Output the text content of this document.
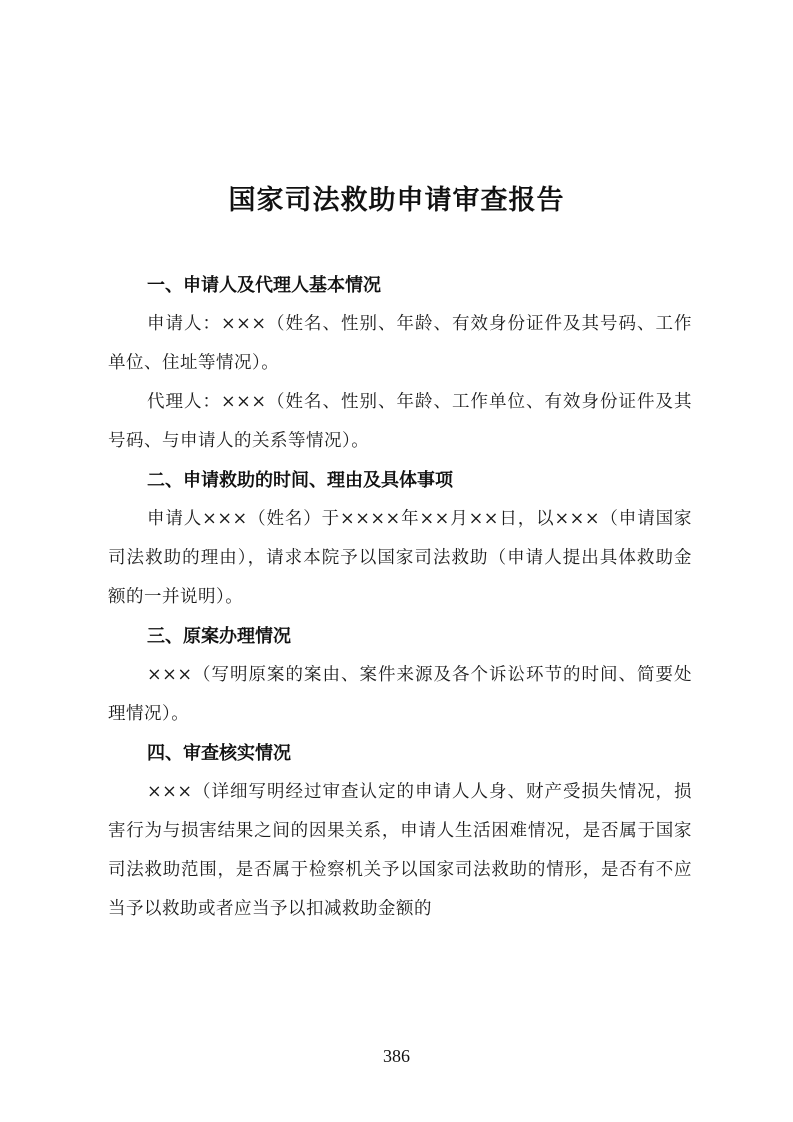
国家司法救助申请审查报告

一、申请人及代理人基本情况

申请人：×××（姓名、性别、年龄、有效身份证件及其号码、工作单位、住址等情况）。

代理人：×××（姓名、性别、年龄、工作单位、有效身份证件及其号码、与申请人的关系等情况）。

二、申请救助的时间、理由及具体事项

申请人×××（姓名）于××××年××月××日，以×××（申请国家司法救助的理由），请求本院予以国家司法救助（申请人提出具体救助金额的一并说明）。

三、原案办理情况

×××（写明原案的案由、案件来源及各个诉讼环节的时间、简要处理情况）。

四、审查核实情况

×××（详细写明经过审查认定的申请人人身、财产受损失情况，损害行为与损害结果之间的因果关系，申请人生活困难情况，是否属于国家司法救助范围，是否属于检察机关予以国家司法救助的情形，是否有不应当予以救助或者应当予以扣减救助金额的

386
